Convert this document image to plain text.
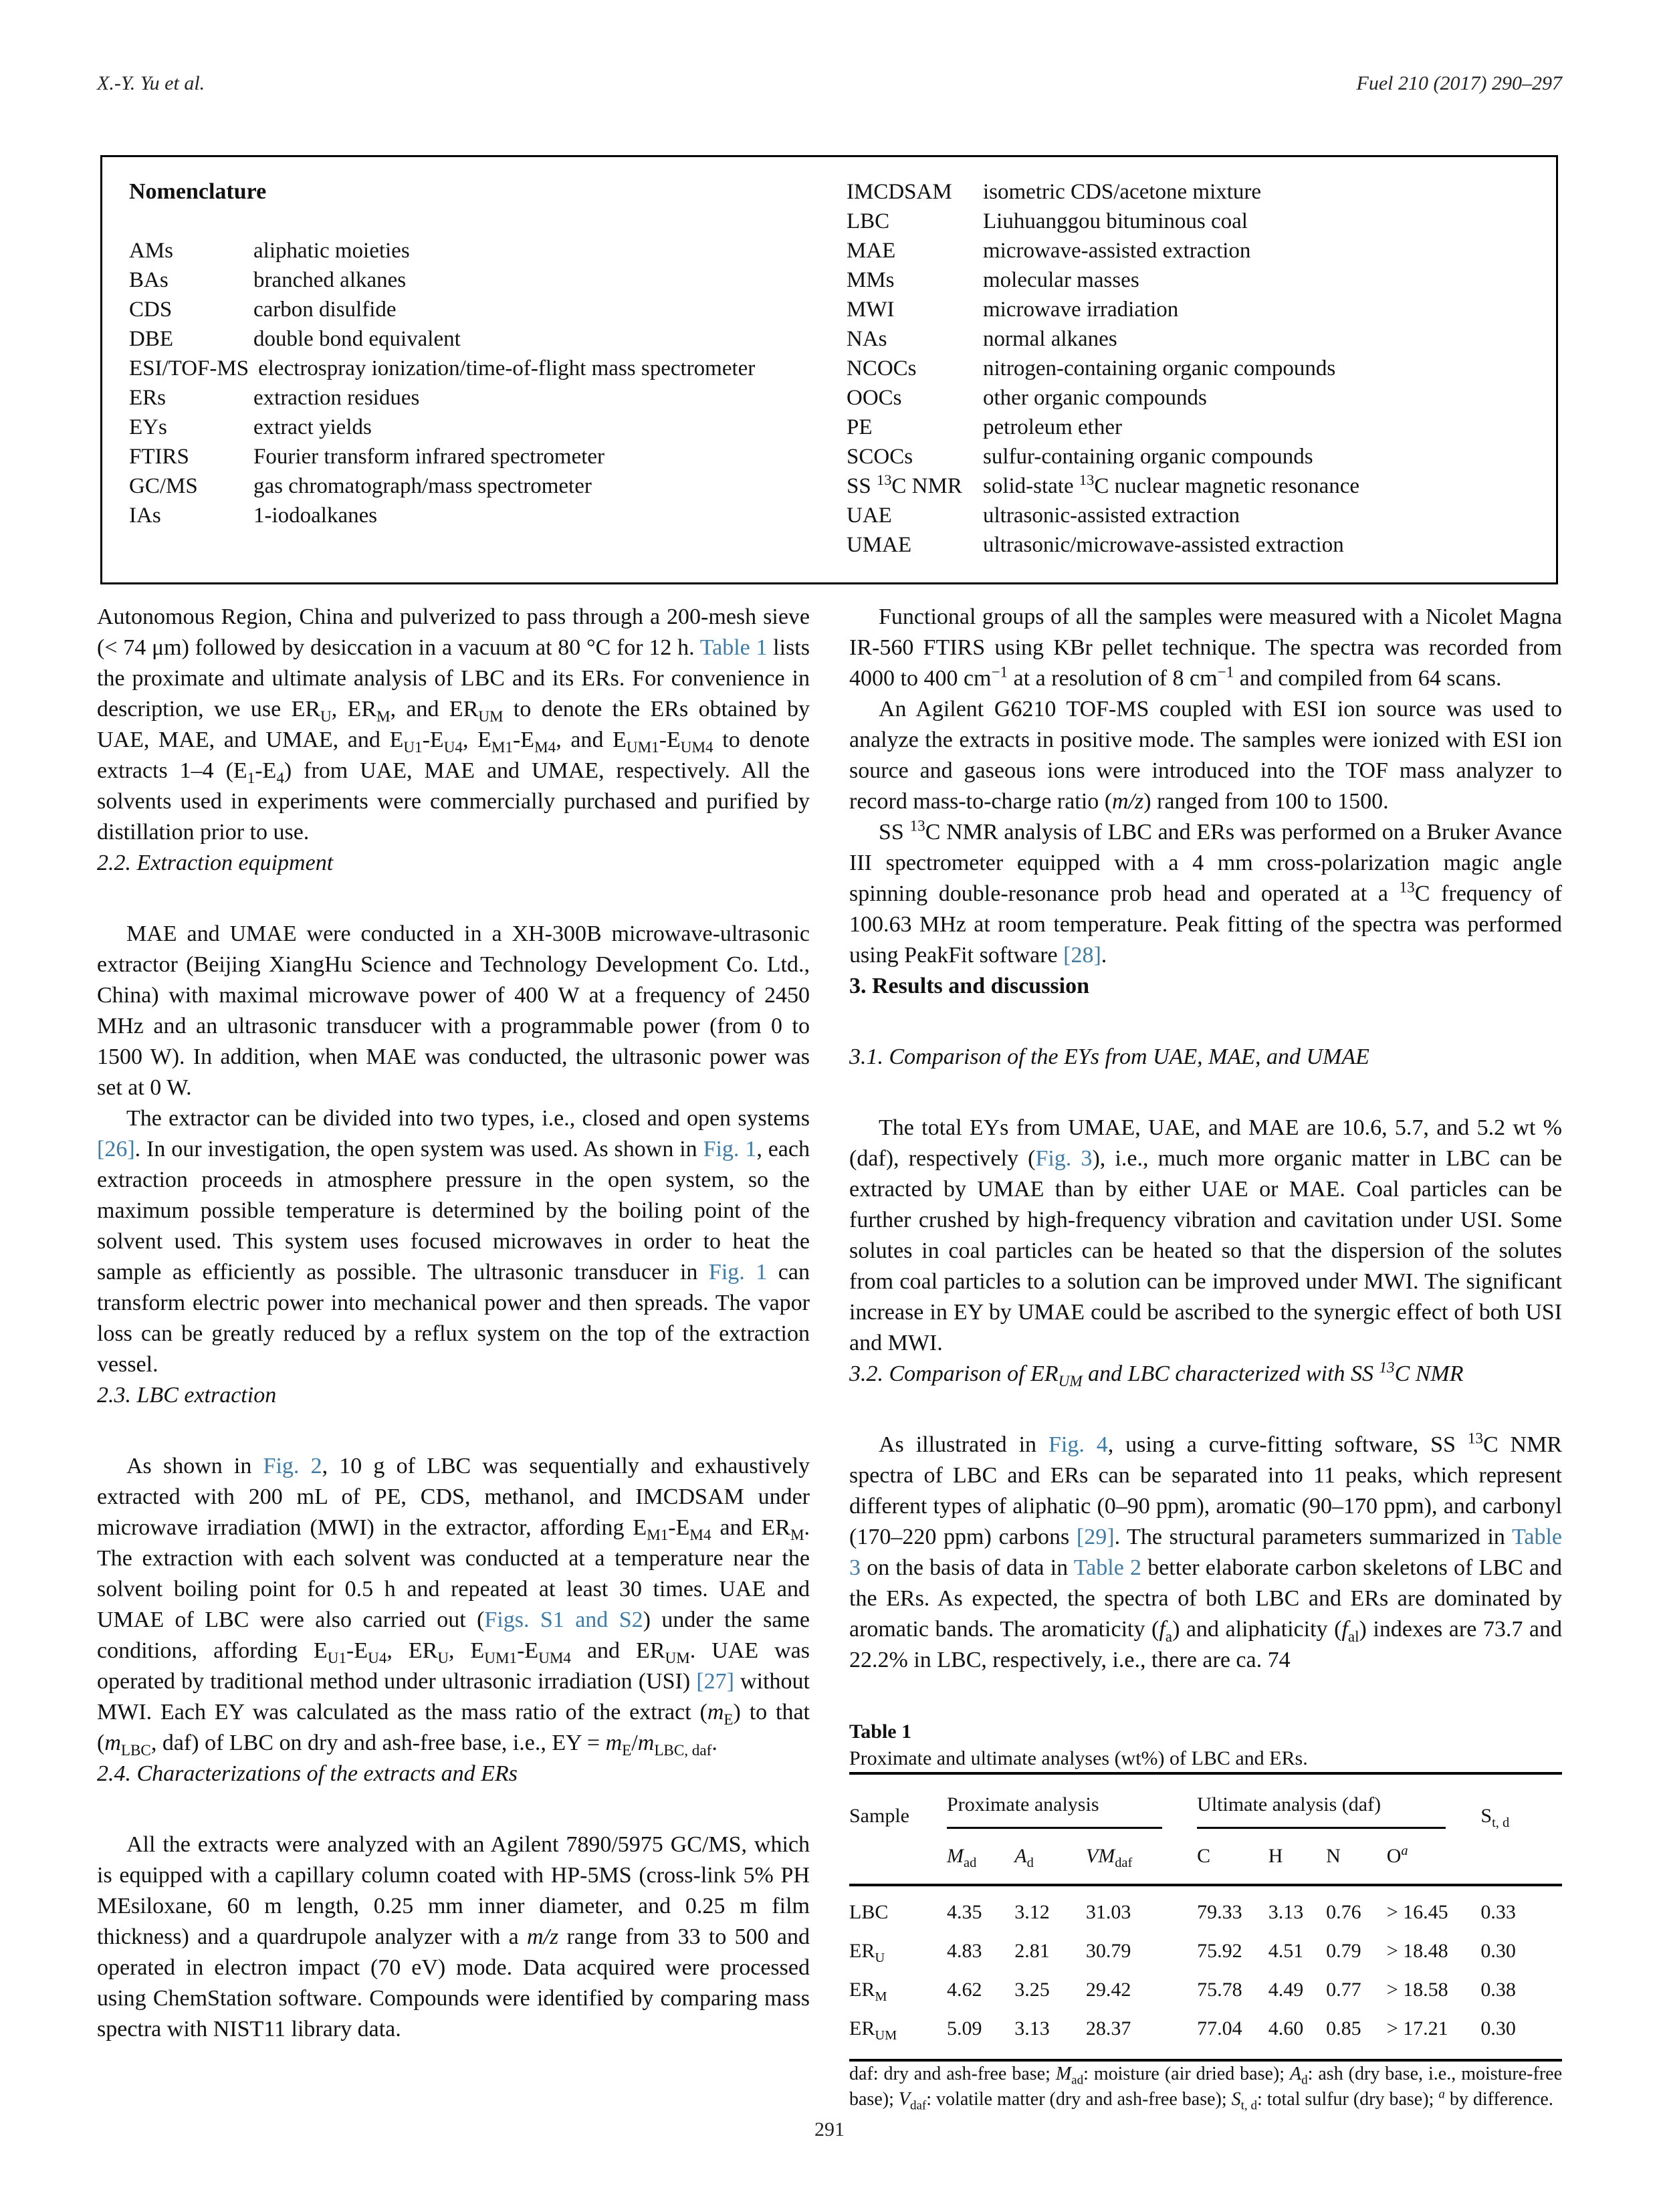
X.-Y. Yu et al.	Fuel 210 (2017) 290–297

Nomenclature

AMs	aliphatic moieties
BAs	branched alkanes
CDS	carbon disulfide
DBE	double bond equivalent
ESI/TOF-MS electrospray ionization/time-of-flight mass spectrometer
ERs	extraction residues
EYs	extract yields
FTIRS	Fourier transform infrared spectrometer
GC/MS	gas chromatograph/mass spectrometer
IAs	1-iodoalkanes
IMCDSAM	isometric CDS/acetone mixture
LBC	Liuhuanggou bituminous coal
MAE	microwave-assisted extraction
MMs	molecular masses
MWI	microwave irradiation
NAs	normal alkanes
NCOCs	nitrogen-containing organic compounds
OOCs	other organic compounds
PE	petroleum ether
SCOCs	sulfur-containing organic compounds
SS $^{13}$C NMR solid-state $^{13}$C nuclear magnetic resonance
UAE	ultrasonic-assisted extraction
UMAE	ultrasonic/microwave-assisted extraction

Autonomous Region, China and pulverized to pass through a 200-mesh sieve (< 74 μm) followed by desiccation in a vacuum at 80 °C for 12 h. Table 1 lists the proximate and ultimate analysis of LBC and its ERs. For convenience in description, we use $ER_U$, $ER_M$, and $ER_{UM}$ to denote the ERs obtained by UAE, MAE, and UMAE, and $E_{U1}-E_{U4}$, $E_{M1}-E_{M4}$, and $E_{UM1}-E_{UM4}$ to denote extracts 1–4 $(E_1-E_4)$ from UAE, MAE and UMAE, respectively. All the solvents used in experiments were commercially purchased and purified by distillation prior to use.

2.2. Extraction equipment

MAE and UMAE were conducted in a XH-300B microwave-ultrasonic extractor (Beijing XiangHu Science and Technology Development Co. Ltd., China) with maximal microwave power of 400 W at a frequency of 2450 MHz and an ultrasonic transducer with a programmable power (from 0 to 1500 W). In addition, when MAE was conducted, the ultrasonic power was set at 0 W.

The extractor can be divided into two types, i.e., closed and open systems [26]. In our investigation, the open system was used. As shown in Fig. 1, each extraction proceeds in atmosphere pressure in the open system, so the maximum possible temperature is determined by the boiling point of the solvent used. This system uses focused microwaves in order to heat the sample as efficiently as possible. The ultrasonic transducer in Fig. 1 can transform electric power into mechanical power and then spreads. The vapor loss can be greatly reduced by a reflux system on the top of the extraction vessel.

2.3. LBC extraction

As shown in Fig. 2, 10 g of LBC was sequentially and exhaustively extracted with 200 mL of PE, CDS, methanol, and IMCDSAM under microwave irradiation (MWI) in the extractor, affording $E_{M1}-E_{M4}$ and $ER_M$. The extraction with each solvent was conducted at a temperature near the solvent boiling point for 0.5 h and repeated at least 30 times. UAE and UMAE of LBC were also carried out (Figs. S1 and S2) under the same conditions, affording $E_{U1}-E_{U4}$, $ER_U$, $E_{UM1}-E_{UM4}$ and $ER_{UM}$. UAE was operated by traditional method under ultrasonic irradiation (USI) [27] without MWI. Each EY was calculated as the mass ratio of the extract $(m_E)$ to that ($m_{LBC}$, daf) of LBC on dry and ash-free base, i.e., EY = $m_E/m_{LBC, daf}$.

2.4. Characterizations of the extracts and ERs

All the extracts were analyzed with an Agilent 7890/5975 GC/MS, which is equipped with a capillary column coated with HP-5MS (cross-link 5% PH MEsiloxane, 60 m length, 0.25 mm inner diameter, and 0.25 m film thickness) and a quardrupole analyzer with a m/z range from 33 to 500 and operated in electron impact (70 eV) mode. Data acquired were processed using ChemStation software. Compounds were identified by comparing mass spectra with NIST11 library data.

Functional groups of all the samples were measured with a Nicolet Magna IR-560 FTIRS using KBr pellet technique. The spectra was recorded from 4000 to 400 $cm^{-1}$ at a resolution of 8 $cm^{-1}$ and compiled from 64 scans.

An Agilent G6210 TOF-MS coupled with ESI ion source was used to analyze the extracts in positive mode. The samples were ionized with ESI ion source and gaseous ions were introduced into the TOF mass analyzer to record mass-to-charge ratio (m/z) ranged from 100 to 1500.

SS $^{13}$C NMR analysis of LBC and ERs was performed on a Bruker Avance III spectrometer equipped with a 4 mm cross-polarization magic angle spinning double-resonance prob head and operated at a $^{13}$C frequency of 100.63 MHz at room temperature. Peak fitting of the spectra was performed using PeakFit software [28].

3. Results and discussion

3.1. Comparison of the EYs from UAE, MAE, and UMAE

The total EYs from UMAE, UAE, and MAE are 10.6, 5.7, and 5.2 wt % (daf), respectively (Fig. 3), i.e., much more organic matter in LBC can be extracted by UMAE than by either UAE or MAE. Coal particles can be further crushed by high-frequency vibration and cavitation under USI. Some solutes in coal particles can be heated so that the dispersion of the solutes from coal particles to a solution can be improved under MWI. The significant increase in EY by UMAE could be ascribed to the synergic effect of both USI and MWI.

3.2. Comparison of $ER_{UM}$ and LBC characterized with SS $^{13}$C NMR

As illustrated in Fig. 4, using a curve-fitting software, SS $^{13}$C NMR spectra of LBC and ERs can be separated into 11 peaks, which represent different types of aliphatic (0–90 ppm), aromatic (90–170 ppm), and carbonyl (170–220 ppm) carbons [29]. The structural parameters summarized in Table 3 on the basis of data in Table 2 better elaborate carbon skeletons of LBC and the ERs. As expected, the spectra of both LBC and ERs are dominated by aromatic bands. The aromaticity $(f_a)$ and aliphaticity $(f_{al})$ indexes are 73.7 and 22.2% in LBC, respectively, i.e., there are ca. 74

Table 1
Proximate and ultimate analyses (wt%) of LBC and ERs.

Sample	Proximate analysis			Ultimate analysis (daf)				$S_{t, d}$
	$M_{ad}$	$A_d$	$VM_{daf}$	C	H	N	$O^a$	
LBC	4.35	3.12	31.03	79.33	3.13	0.76	> 16.45	0.33
$ER_U$	4.83	2.81	30.79	75.92	4.51	0.79	> 18.48	0.30
$ER_M$	4.62	3.25	29.42	75.78	4.49	0.77	> 18.58	0.38
$ER_{UM}$	5.09	3.13	28.37	77.04	4.60	0.85	> 17.21	0.30

daf: dry and ash-free base; $M_{ad}$: moisture (air dried base); $A_d$: ash (dry base, i.e., moisture-free base); $V_{daf}$: volatile matter (dry and ash-free base); $S_{t, d}$: total sulfur (dry base); $^a$ by difference.

291
